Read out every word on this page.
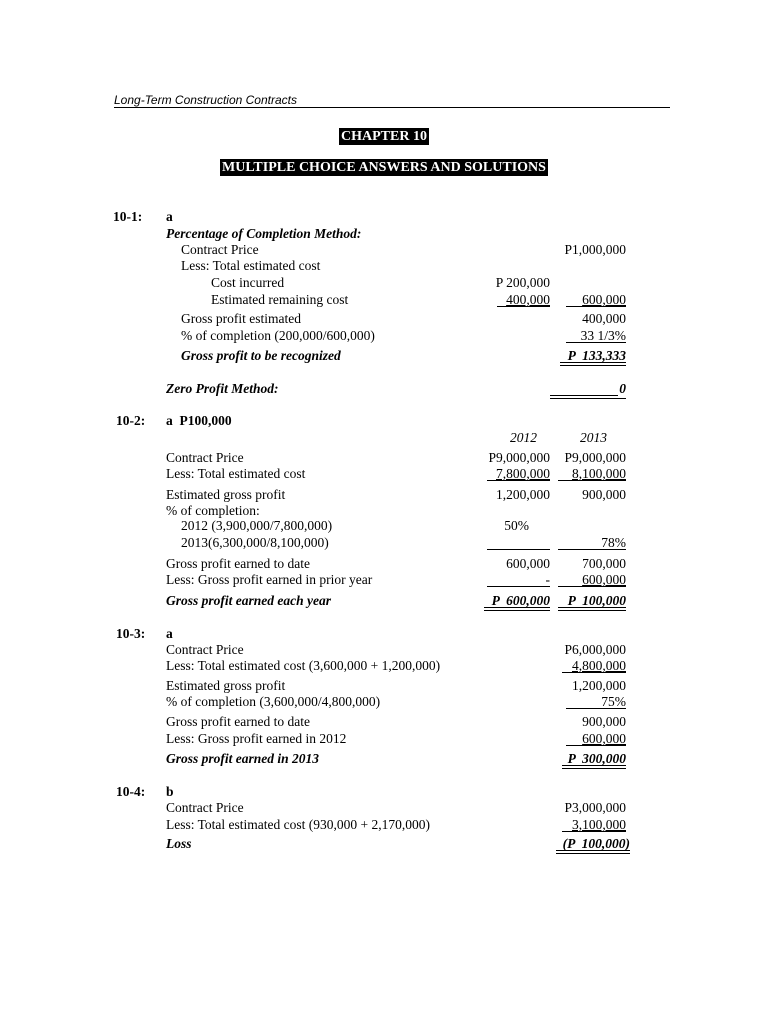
Long-Term Construction Contracts
CHAPTER 10
MULTIPLE CHOICE ANSWERS AND SOLUTIONS
10-1: a
Percentage of Completion Method:
Contract Price	P1,000,000
Less: Total estimated cost
Cost incurred	P 200,000
Estimated remaining cost	400,000 600,000
Gross profit estimated	400,000
% of completion (200,000/600,000)	33 1/3%
Gross profit to be recognized	P  133,333
Zero Profit Method:	0
10-2: a  P100,000
2012	2013
Contract Price	P9,000,000 P9,000,000
Less: Total estimated cost	7,800,000 8,100,000
Estimated gross profit	1,200,000 900,000
% of completion:
2012 (3,900,000/7,800,000)	50%
2013(6,300,000/8,100,000)	78%
Gross profit earned to date	600,000 700,000
Less: Gross profit earned in prior year	- 600,000
Gross profit earned each year	P  600,000 P  100,000
10-3: a
Contract Price	P6,000,000
Less: Total estimated cost (3,600,000 + 1,200,000)	4,800,000
Estimated gross profit	1,200,000
% of completion (3,600,000/4,800,000)	75%
Gross profit earned to date	900,000
Less: Gross profit earned in 2012	600,000
Gross profit earned in 2013	P  300,000
10-4: b
Contract Price	P3,000,000
Less: Total estimated cost (930,000 + 2,170,000)	3,100,000
Loss	(P  100,000)
